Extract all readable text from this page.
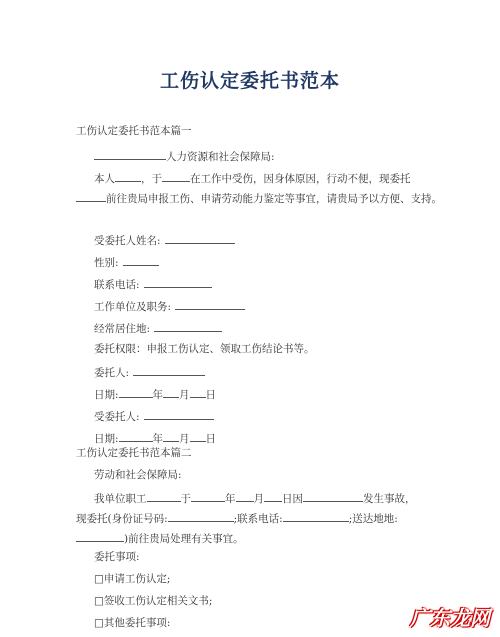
工伤认定委托书范本
工伤认定委托书范本篇一
人力资源和社会保障局:
本人 ，于	在工作中受伤，因身体原因，行动不便，现委托
前往贵局申报工伤、申请劳动能力鉴定等事宜，请贵局予以方便、支持。
受委托人姓名:
性别:
联系电话:
工作单位及职务:
经常居住地:
委托权限：申报工伤认定、领取工伤结论书等。
委托人:
日期:	年 月 日
受委托人:
日期:	年 月 日
工伤认定委托书范本篇二
劳动和社会保障局:
我单位职工	于	年 月 日因	发生事故，
现委托(身份证号码:	;联系电话:	;送达地地:
)前往贵局处理有关事宜。
委托事项:
□申请工伤认定;
□签收工伤认定相关文书;
□其他委托事项:	广东龙网
